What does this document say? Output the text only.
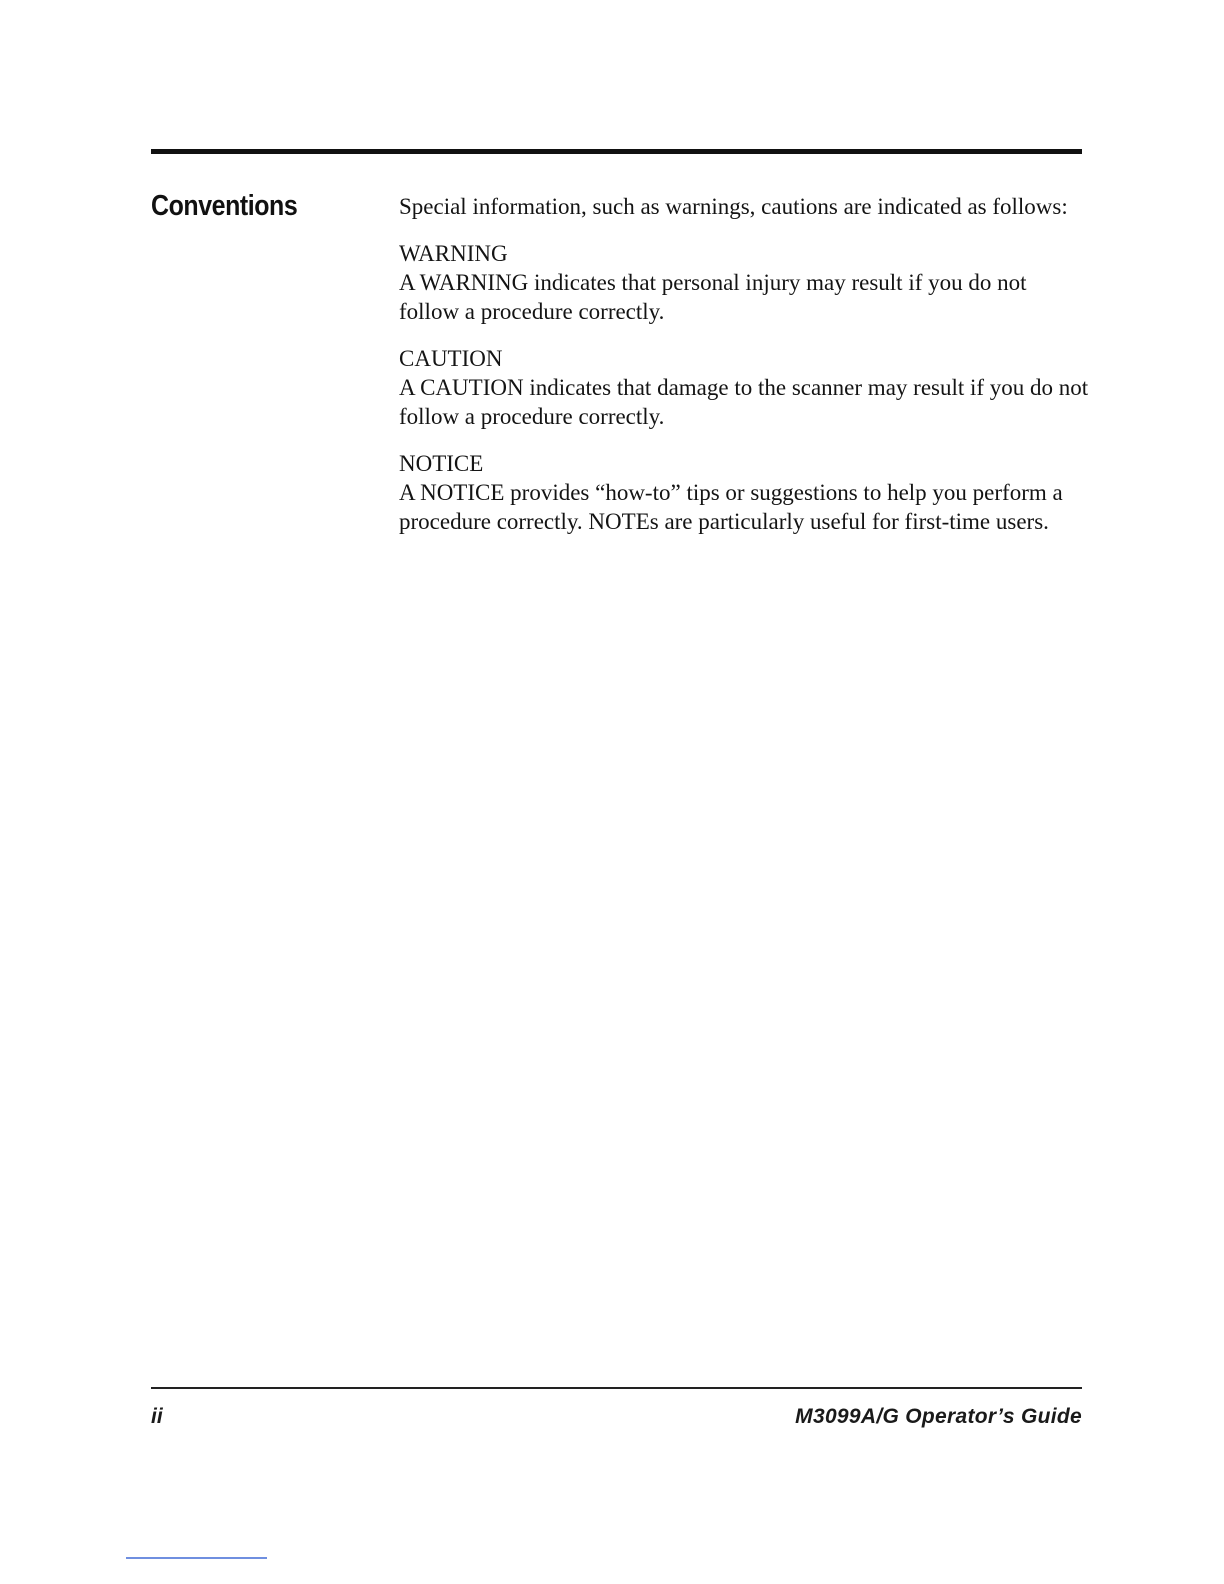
Conventions	Special information, such as warnings, cautions are indicated as follows:

WARNING

A WARNING indicates that personal injury may result if you do not follow a procedure correctly.

CAUTION

A CAUTION indicates that damage to the scanner may result if you do not follow a procedure correctly.

NOTICE

A NOTICE provides “how-to” tips or suggestions to help you perform a procedure correctly. NOTEs are particularly useful for first-time users.

ii	M3099A/G Operator’s Guide
